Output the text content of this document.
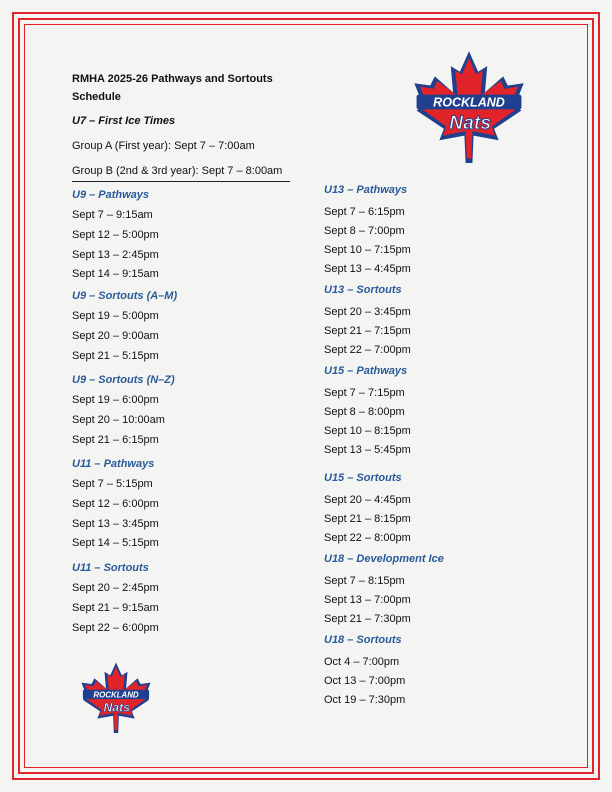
RMHA 2025-26 Pathways and Sortouts
Schedule
U7 – First Ice Times
Group A (First year): Sept 7 – 7:00am
Group B (2nd & 3rd year): Sept 7 – 8:00am
U9 – Pathways
Sept 7 – 9:15am
Sept 12 – 5:00pm
Sept 13 – 2:45pm
Sept 14 – 9:15am
U9 – Sortouts (A–M)
Sept 19 – 5:00pm
Sept 20 – 9:00am
Sept 21 – 5:15pm
U9 – Sortouts (N–Z)
Sept 19 – 6:00pm
Sept 20 – 10:00am
Sept 21 – 6:15pm
U11 – Pathways
Sept 7 – 5:15pm
Sept 12 – 6:00pm
Sept 13 – 3:45pm
Sept 14 – 5:15pm
U11 – Sortouts
Sept 20 – 2:45pm
Sept 21 – 9:15am
Sept 22 – 6:00pm
U13 – Pathways
Sept 7 – 6:15pm
Sept 8 – 7:00pm
Sept 10 – 7:15pm
Sept 13 – 4:45pm
U13 – Sortouts
Sept 20 – 3:45pm
Sept 21 – 7:15pm
Sept 22 – 7:00pm
U15 – Pathways
Sept 7 – 7:15pm
Sept 8 – 8:00pm
Sept 10 – 8:15pm
Sept 13 – 5:45pm
U15 – Sortouts
Sept 20 – 4:45pm
Sept 21 – 8:15pm
Sept 22 – 8:00pm
U18 – Development Ice
Sept 7 – 8:15pm
Sept 13 – 7:00pm
Sept 21 – 7:30pm
U18 – Sortouts
Oct 4 – 7:00pm
Oct 13 – 7:00pm
Oct 19 – 7:30pm
ROCKLAND
Nats
ROCKLAND
Nats
